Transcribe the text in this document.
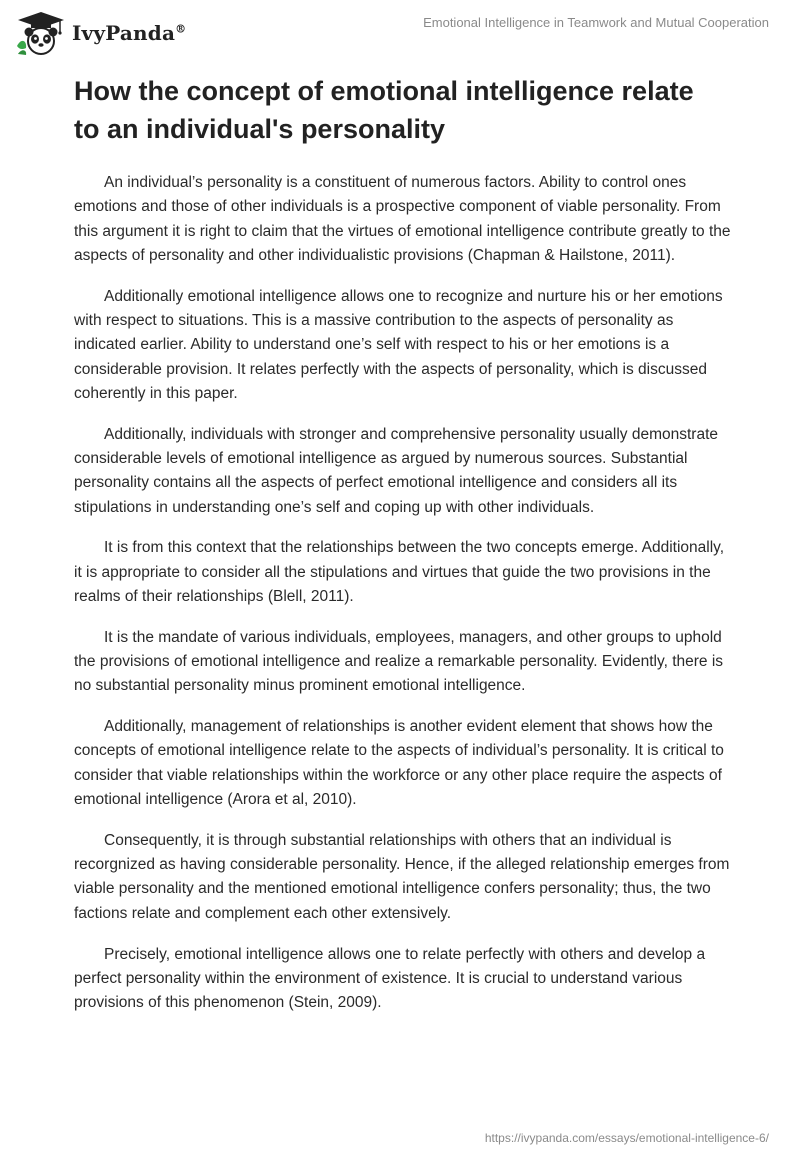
IvyPanda®	Emotional Intelligence in Teamwork and Mutual Cooperation
How the concept of emotional intelligence relate to an individual's personality

An individual’s personality is a constituent of numerous factors. Ability to control ones emotions and those of other individuals is a prospective component of viable personality. From this argument it is right to claim that the virtues of emotional intelligence contribute greatly to the aspects of personality and other individualistic provisions (Chapman & Hailstone, 2011).

Additionally emotional intelligence allows one to recognize and nurture his or her emotions with respect to situations. This is a massive contribution to the aspects of personality as indicated earlier. Ability to understand one’s self with respect to his or her emotions is a considerable provision. It relates perfectly with the aspects of personality, which is discussed coherently in this paper.

Additionally, individuals with stronger and comprehensive personality usually demonstrate considerable levels of emotional intelligence as argued by numerous sources. Substantial personality contains all the aspects of perfect emotional intelligence and considers all its stipulations in understanding one’s self and coping up with other individuals.

It is from this context that the relationships between the two concepts emerge. Additionally, it is appropriate to consider all the stipulations and virtues that guide the two provisions in the realms of their relationships (Blell, 2011).

It is the mandate of various individuals, employees, managers, and other groups to uphold the provisions of emotional intelligence and realize a remarkable personality. Evidently, there is no substantial personality minus prominent emotional intelligence.

Additionally, management of relationships is another evident element that shows how the concepts of emotional intelligence relate to the aspects of individual’s personality. It is critical to consider that viable relationships within the workforce or any other place require the aspects of emotional intelligence (Arora et al, 2010).

Consequently, it is through substantial relationships with others that an individual is recorgnized as having considerable personality. Hence, if the alleged relationship emerges from viable personality and the mentioned emotional intelligence confers personality; thus, the two factions relate and complement each other extensively.

Precisely, emotional intelligence allows one to relate perfectly with others and develop a perfect personality within the environment of existence. It is crucial to understand various provisions of this phenomenon (Stein, 2009).

https://ivypanda.com/essays/emotional-intelligence-6/
